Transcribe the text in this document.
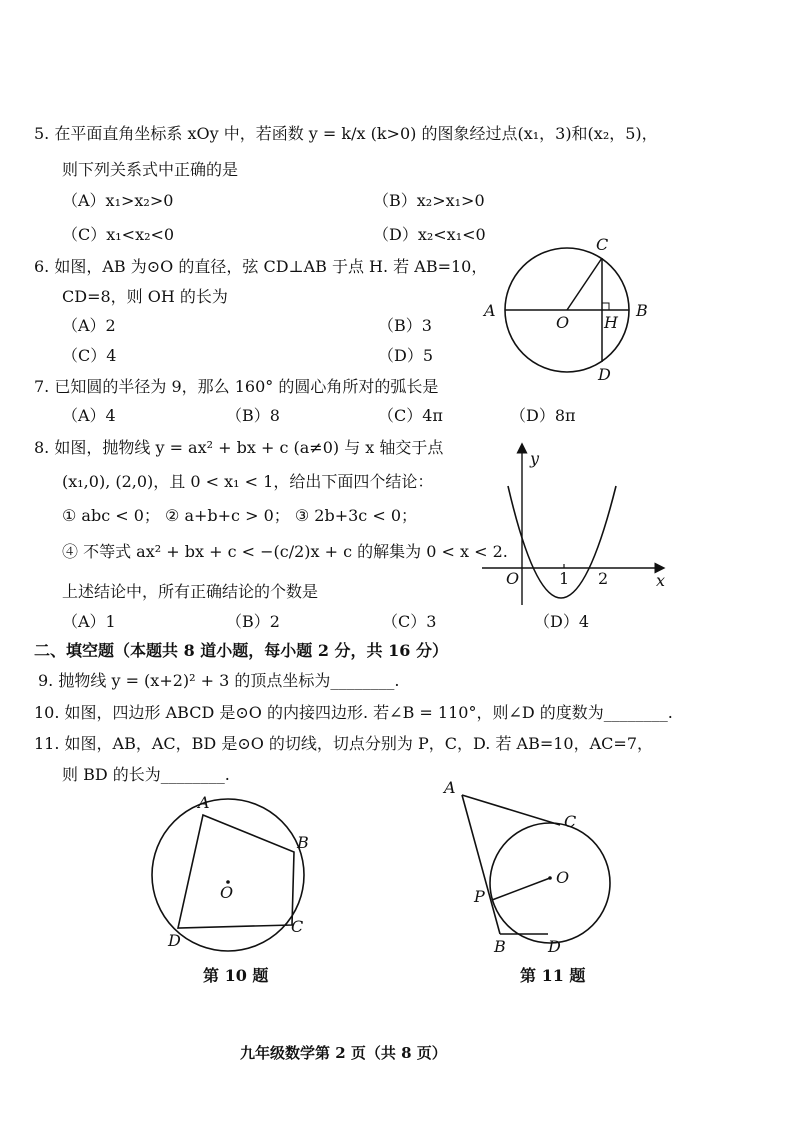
5. 在平面直角坐标系 xOy 中，若函数 y = k/x (k>0) 的图象经过点(x₁，3)和(x₂，5)，
则下列关系式中正确的是
（A）x₁>x₂>0	（B）x₂>x₁>0
（C）x₁<x₂<0	（D）x₂<x₁<0
6. 如图，AB 为⊙O 的直径，弦 CD⊥AB 于点 H. 若 AB=10，
CD=8，则 OH 的长为
（A）2	（B）3
（C）4	（D）5
A	B
C
D
O H
7. 已知圆的半径为 9，那么 160° 的圆心角所对的弧长是
（A）4	（B）8	（C）4π	（D）8π
8. 如图，抛物线 y = ax² + bx + c (a≠0) 与 x 轴交于点
(x₁,0), (2,0)，且 0 < x₁ < 1，给出下面四个结论：
① abc < 0； ② a+b+c > 0； ③ 2b+3c < 0；
④ 不等式 ax² + bx + c < −(c/2)x + c 的解集为 0 < x < 2.
上述结论中，所有正确结论的个数是
（A）1	（B）2	（C）3	（D）4
y
x
O 1 2
二、填空题（本题共 8 道小题，每小题 2 分，共 16 分）
9. 抛物线 y = (x+2)² + 3 的顶点坐标为________.
10. 如图，四边形 ABCD 是⊙O 的内接四边形. 若∠B = 110°，则∠D 的度数为________.
11. 如图，AB，AC，BD 是⊙O 的切线，切点分别为 P，C，D. 若 AB=10，AC=7，
则 BD 的长为________.
A
B
C
D
O
第 10 题
A
C
O
P
B	D
第 11 题
九年级数学第 2 页（共 8 页）
